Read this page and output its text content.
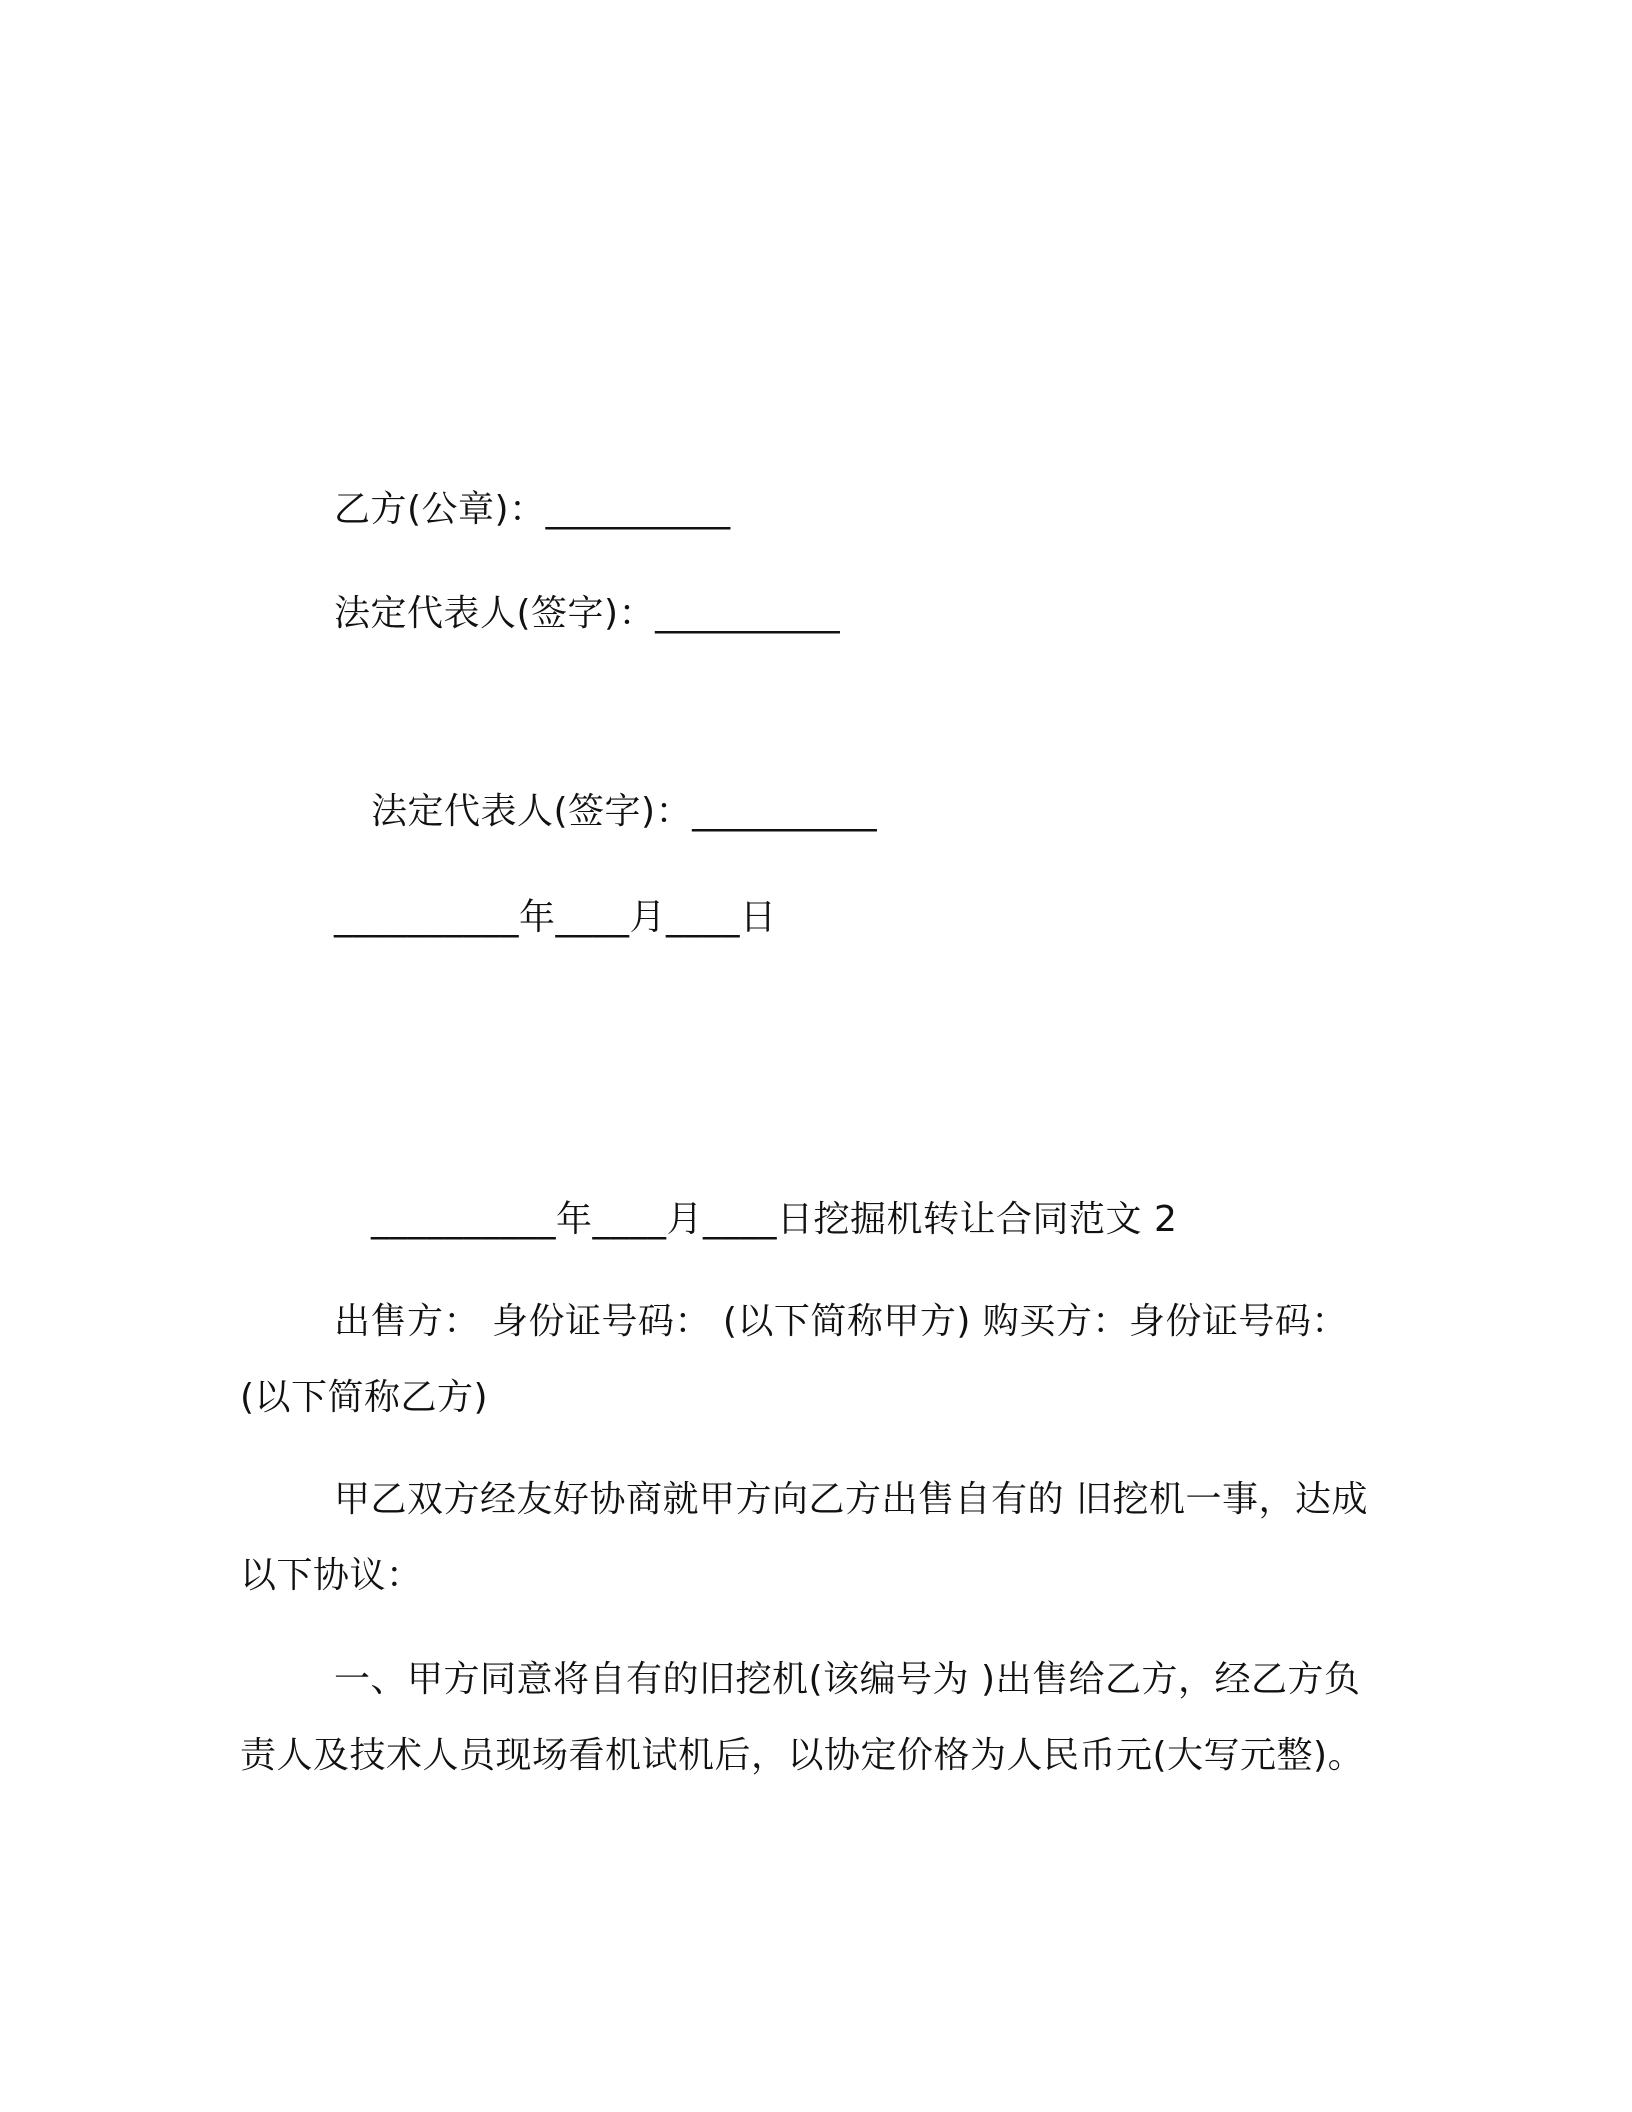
乙方(公章)：__________
法定代表人(签字)：__________
法定代表人(签字)：__________
__________年____月____日
__________年____月____日挖掘机转让合同范文 2
出售方： 身份证号码： (以下简称甲方) 购买方：身份证号码：
(以下简称乙方)
甲乙双方经友好协商就甲方向乙方出售自有的 旧挖机一事，达成
以下协议：
一、甲方同意将自有的旧挖机(该编号为 )出售给乙方，经乙方负
责人及技术人员现场看机试机后，以协定价格为人民币元(大写元整)。
